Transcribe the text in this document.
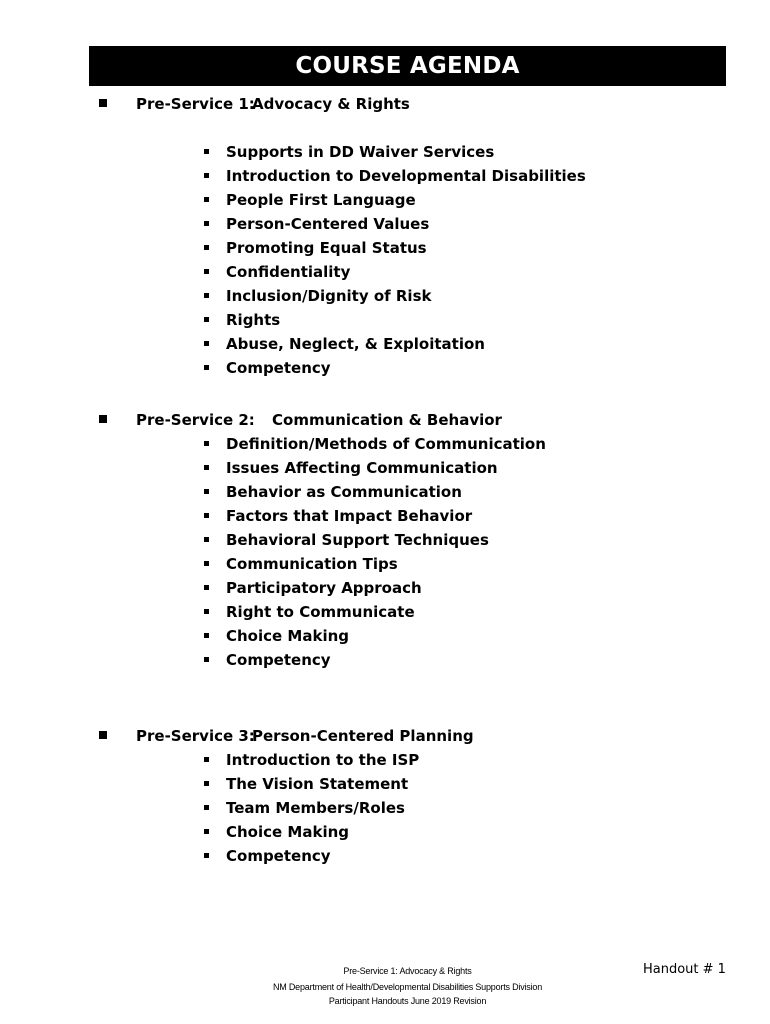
COURSE AGENDA
Pre-Service 1:
Advocacy & Rights
Supports in DD Waiver Services
Introduction to Developmental Disabilities
People First Language
Person-Centered Values
Promoting Equal Status
Confidentiality
Inclusion/Dignity of Risk
Rights
Abuse, Neglect, & Exploitation
Competency
Pre-Service 2: Communication & Behavior
Definition/Methods of Communication
Issues Affecting Communication
Behavior as Communication
Factors that Impact Behavior
Behavioral Support Techniques
Communication Tips
Participatory Approach
Right to Communicate
Choice Making
Competency
Pre-Service 3:
Person-Centered Planning
Introduction to the ISP
The Vision Statement
Team Members/Roles
Choice Making
Competency
Pre-Service 1: Advocacy & Rights
NM Department of Health/Developmental Disabilities Supports Division
Participant Handouts June 2019 Revision
Handout # 1
